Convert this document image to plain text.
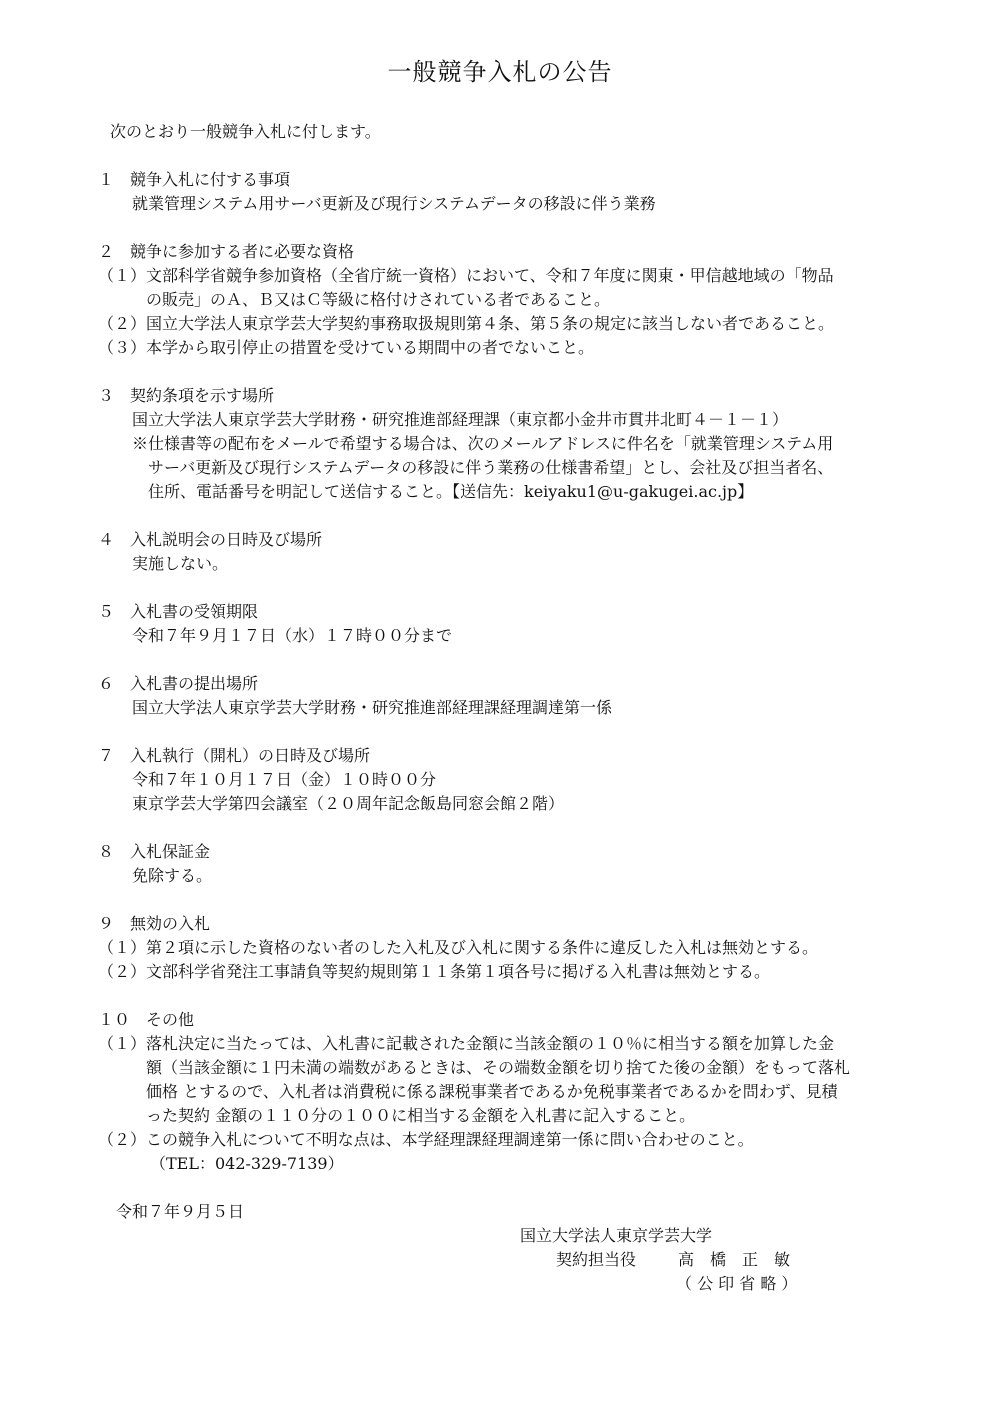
一般競争入札の公告
次のとおり一般競争入札に付します。
１　競争入札に付する事項
就業管理システム用サーバ更新及び現行システムデータの移設に伴う業務
２　競争に参加する者に必要な資格
（１）文部科学省競争参加資格（全省庁統一資格）において、令和７年度に関東・甲信越地域の「物品
の販売」のＡ、Ｂ又はＣ等級に格付けされている者であること。
（２）国立大学法人東京学芸大学契約事務取扱規則第４条、第５条の規定に該当しない者であること。
（３）本学から取引停止の措置を受けている期間中の者でないこと。
３　契約条項を示す場所
国立大学法人東京学芸大学財務・研究推進部経理課（東京都小金井市貫井北町４－１－１）
※仕様書等の配布をメールで希望する場合は、次のメールアドレスに件名を「就業管理システム用
サーバ更新及び現行システムデータの移設に伴う業務の仕様書希望」とし、会社及び担当者名、
住所、電話番号を明記して送信すること。【送信先：keiyaku1@u-gakugei.ac.jp】
４　入札説明会の日時及び場所
実施しない。
５　入札書の受領期限
令和７年９月１７日（水）１７時００分まで
６　入札書の提出場所
国立大学法人東京学芸大学財務・研究推進部経理課経理調達第一係
７　入札執行（開札）の日時及び場所
令和７年１０月１７日（金）１０時００分
東京学芸大学第四会議室（２０周年記念飯島同窓会館２階）
８　入札保証金
免除する。
９　無効の入札
（１）第２項に示した資格のない者のした入札及び入札に関する条件に違反した入札は無効とする。
（２）文部科学省発注工事請負等契約規則第１１条第１項各号に掲げる入札書は無効とする。
１０　その他
（１）落札決定に当たっては、入札書に記載された金額に当該金額の１０％に相当する額を加算した金
額（当該金額に１円未満の端数があるときは、その端数金額を切り捨てた後の金額）をもって落札
価格 とするので、入札者は消費税に係る課税事業者であるか免税事業者であるかを問わず、見積
った契約 金額の１１０分の１００に相当する金額を入札書に記入すること。
（２）この競争入札について不明な点は、本学経理課経理調達第一係に問い合わせのこと。
（TEL：042-329-7139）
令和７年９月５日
国立大学法人東京学芸大学
契約担当役	高　橋　正　敏
（ 公 印 省 略 ）
